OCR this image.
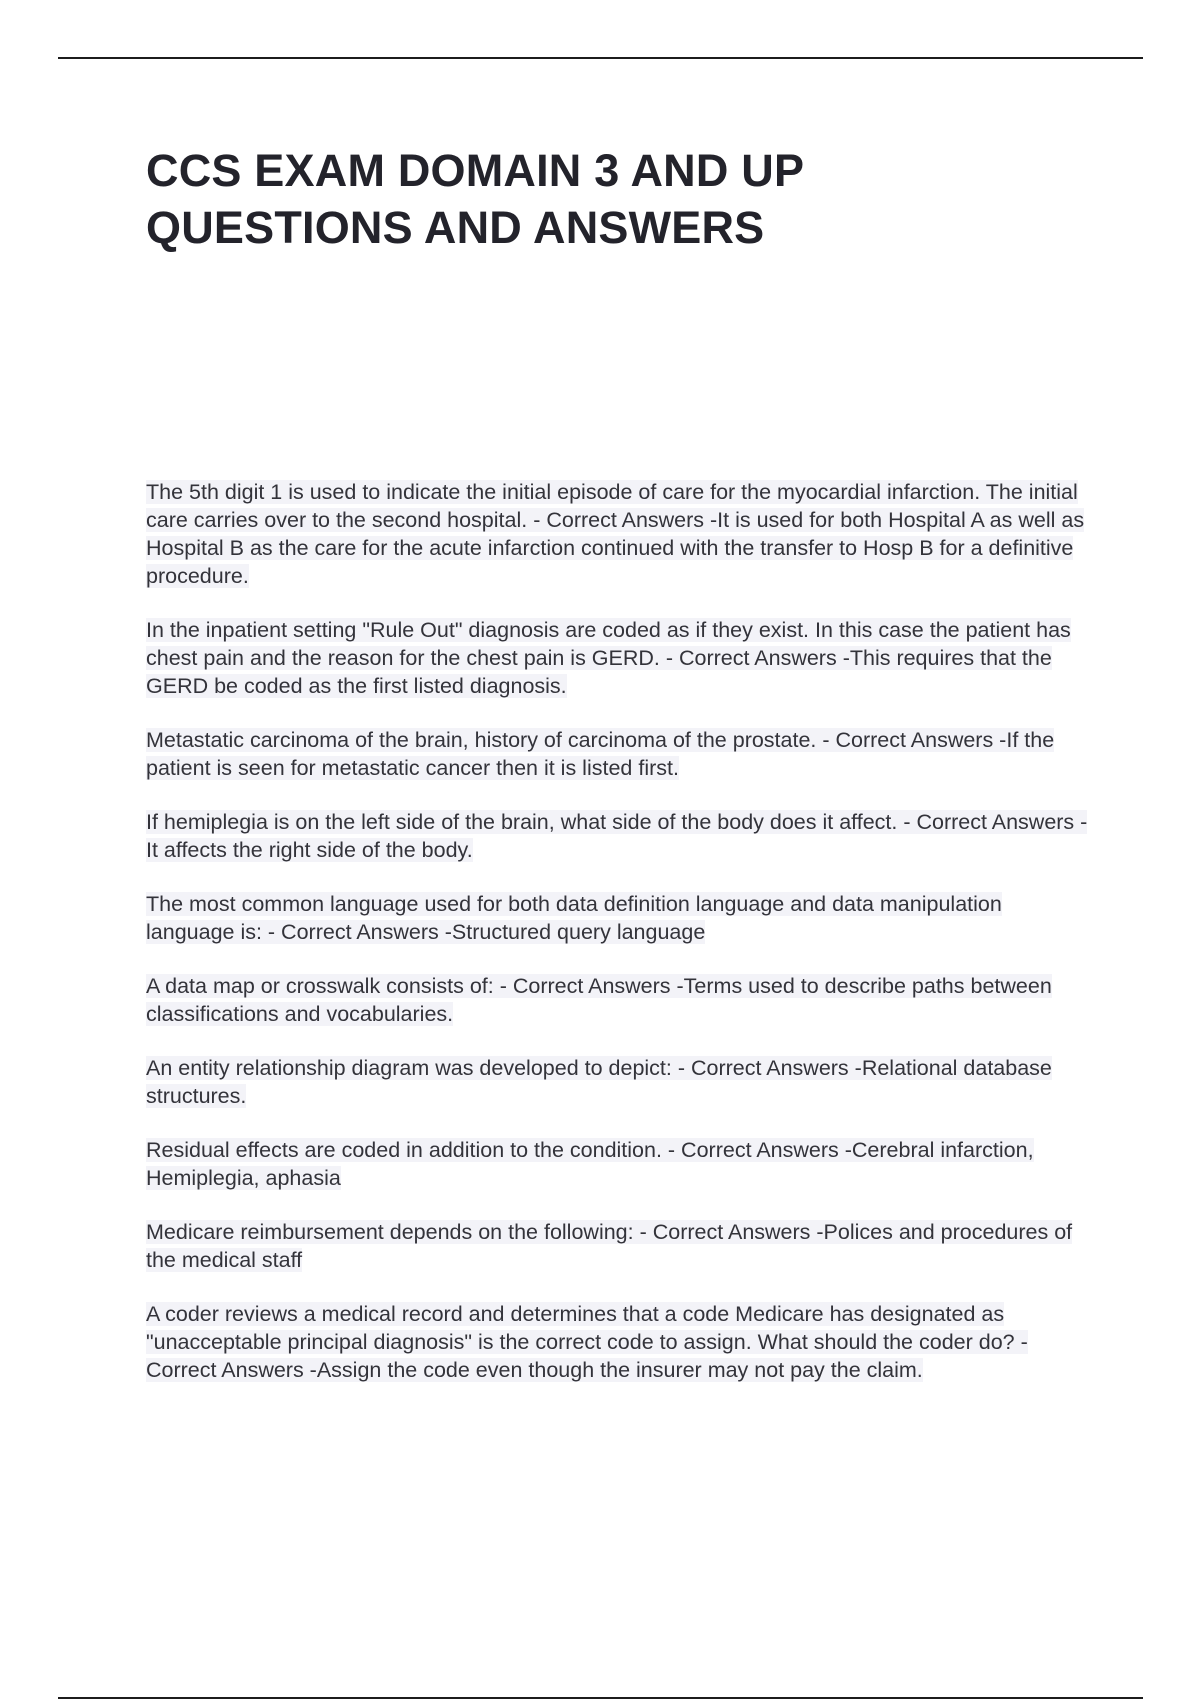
CCS EXAM DOMAIN 3 AND UP QUESTIONS AND ANSWERS

The 5th digit 1 is used to indicate the initial episode of care for the myocardial infarction. The initial care carries over to the second hospital. - Correct Answers -It is used for both Hospital A as well as Hospital B as the care for the acute infarction continued with the transfer to Hosp B for a definitive procedure.

In the inpatient setting "Rule Out" diagnosis are coded as if they exist. In this case the patient has chest pain and the reason for the chest pain is GERD. - Correct Answers -This requires that the GERD be coded as the first listed diagnosis.

Metastatic carcinoma of the brain, history of carcinoma of the prostate. - Correct Answers -If the patient is seen for metastatic cancer then it is listed first.

If hemiplegia is on the left side of the brain, what side of the body does it affect. - Correct Answers -It affects the right side of the body.

The most common language used for both data definition language and data manipulation language is: - Correct Answers -Structured query language

A data map or crosswalk consists of: - Correct Answers -Terms used to describe paths between classifications and vocabularies.

An entity relationship diagram was developed to depict: - Correct Answers -Relational database structures.

Residual effects are coded in addition to the condition. - Correct Answers -Cerebral infarction, Hemiplegia, aphasia

Medicare reimbursement depends on the following: - Correct Answers -Polices and procedures of the medical staff

A coder reviews a medical record and determines that a code Medicare has designated as "unacceptable principal diagnosis" is the correct code to assign. What should the coder do? - Correct Answers -Assign the code even though the insurer may not pay the claim.
